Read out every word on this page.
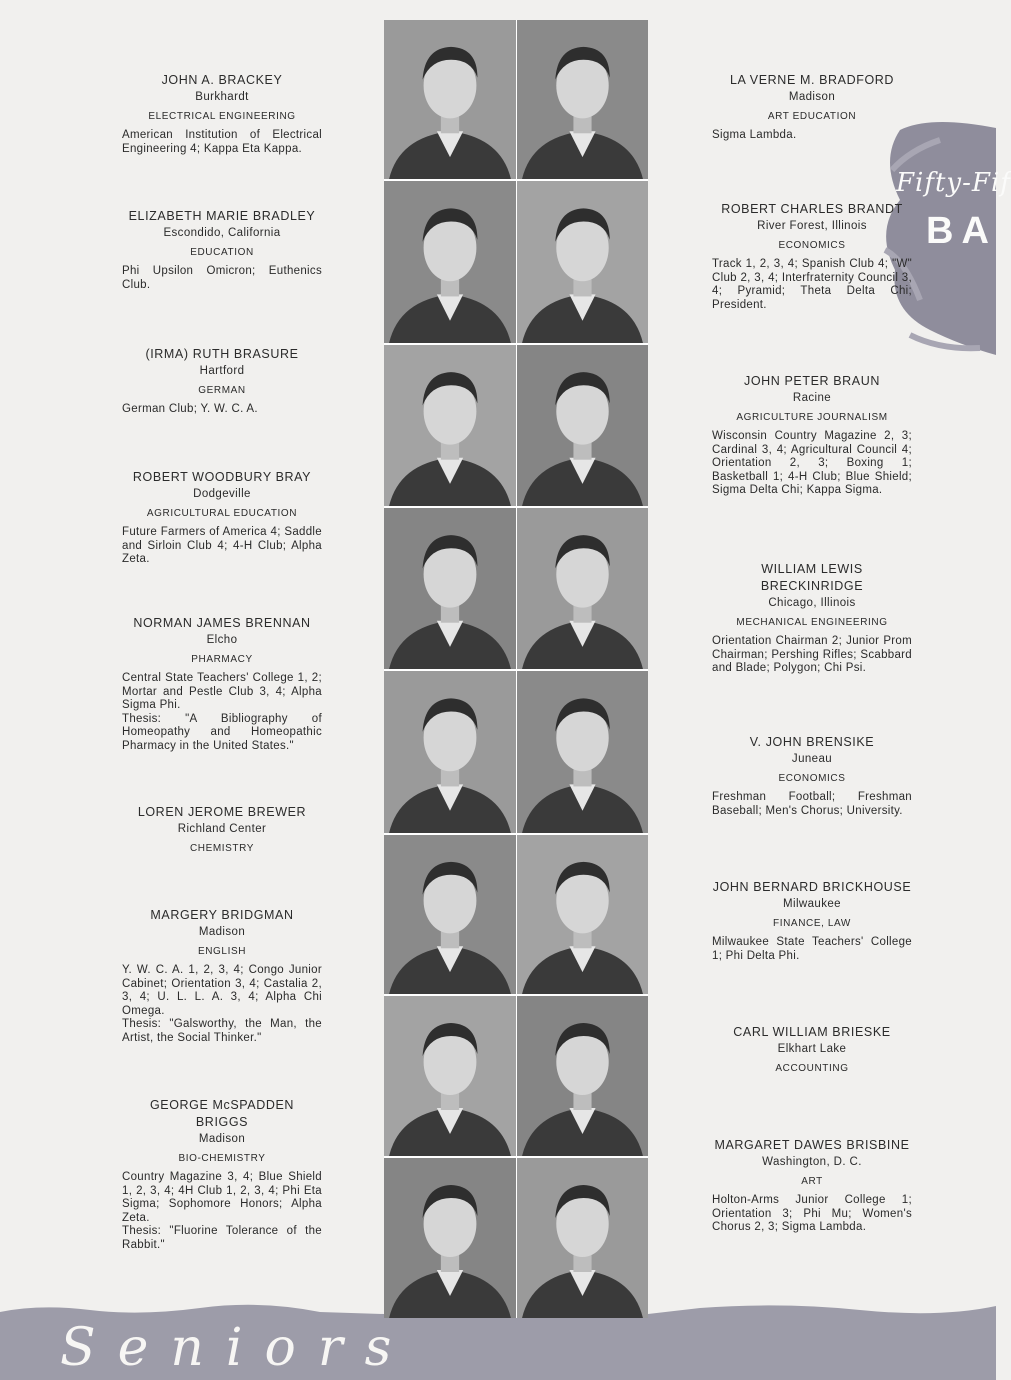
Fifty-Fif
BA
JOHN A. BRACKEY
Burkhardt
ELECTRICAL ENGINEERING
American Institution of Electrical Engineering 4; Kappa Eta Kappa.
ELIZABETH MARIE BRADLEY
Escondido, California
EDUCATION
Phi Upsilon Omicron; Euthenics Club.
(IRMA) RUTH BRASURE
Hartford
GERMAN
German Club; Y. W. C. A.
ROBERT WOODBURY BRAY
Dodgeville
AGRICULTURAL EDUCATION
Future Farmers of America 4; Saddle and Sirloin Club 4; 4-H Club; Alpha Zeta.
NORMAN JAMES BRENNAN
Elcho
PHARMACY
Central State Teachers' College 1, 2; Mortar and Pestle Club 3, 4; Alpha Sigma Phi.
Thesis: "A Bibliography of Homeopathy and Homeopathic Pharmacy in the United States."
LOREN JEROME BREWER
Richland Center
CHEMISTRY
MARGERY BRIDGMAN
Madison
ENGLISH
Y. W. C. A. 1, 2, 3, 4; Congo Junior Cabinet; Orientation 3, 4; Castalia 2, 3, 4; U. L. L. A. 3, 4; Alpha Chi Omega.
Thesis: "Galsworthy, the Man, the Artist, the Social Thinker."
GEORGE McSPADDEN BRIGGS
Madison
BIO-CHEMISTRY
Country Magazine 3, 4; Blue Shield 1, 2, 3, 4; 4H Club 1, 2, 3, 4; Phi Eta Sigma; Sophomore Honors; Alpha Zeta.
Thesis: "Fluorine Tolerance of the Rabbit."
LA VERNE M. BRADFORD
Madison
ART EDUCATION
Sigma Lambda.
ROBERT CHARLES BRANDT
River Forest, Illinois
ECONOMICS
Track 1, 2, 3, 4; Spanish Club 4; "W" Club 2, 3, 4; Interfraternity Council 3, 4; Pyramid; Theta Delta Chi; President.
JOHN PETER BRAUN
Racine
AGRICULTURE JOURNALISM
Wisconsin Country Magazine 2, 3; Cardinal 3, 4; Agricultural Council 4; Orientation 2, 3; Boxing 1; Basketball 1; 4-H Club; Blue Shield; Sigma Delta Chi; Kappa Sigma.
WILLIAM LEWIS BRECKINRIDGE
Chicago, Illinois
MECHANICAL ENGINEERING
Orientation Chairman 2; Junior Prom Chairman; Pershing Rifles; Scabbard and Blade; Polygon; Chi Psi.
V. JOHN BRENSIKE
Juneau
ECONOMICS
Freshman Football; Freshman Baseball; Men's Chorus; University.
JOHN BERNARD BRICKHOUSE
Milwaukee
FINANCE, LAW
Milwaukee State Teachers' College 1; Phi Delta Phi.
CARL WILLIAM BRIESKE
Elkhart Lake
ACCOUNTING
MARGARET DAWES BRISBINE
Washington, D. C.
ART
Holton-Arms Junior College 1; Orientation 3; Phi Mu; Women's Chorus 2, 3; Sigma Lambda.
Seniors
